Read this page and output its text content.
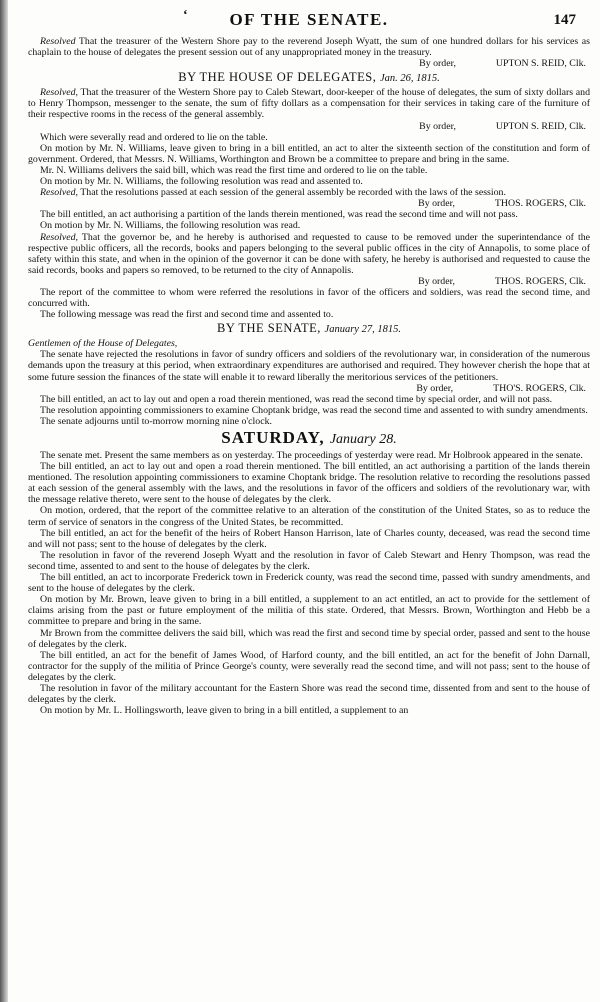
‘	OF THE SENATE.	147

Resolved That the treasurer of the Western Shore pay to the reverend Joseph Wyatt, the sum of one hundred dollars for his services as chaplain to the house of delegates the present session out of any unappropriated money in the treasury.

By order,	UPTON S. REID, Clk.
BY THE HOUSE OF DELEGATES, Jan. 26, 1815.

Resolved, That the treasurer of the Western Shore pay to Caleb Stewart, door-keeper of the house of delegates, the sum of sixty dollars and to Henry Thompson, messenger to the senate, the sum of fifty dollars as a compensation for their services in taking care of the furniture of their respective rooms in the recess of the general assembly.

By order,	UPTON S. REID, Clk.

Which were severally read and ordered to lie on the table.

On motion by Mr. N. Williams, leave given to bring in a bill entitled, an act to alter the sixteenth section of the constitution and form of government. Ordered, that Messrs. N. Williams, Worthington and Brown be a committee to prepare and bring in the same.

Mr. N. Williams delivers the said bill, which was read the first time and ordered to lie on the table.

On motion by Mr. N. Williams, the following resolution was read and assented to.

Resolved, That the resolutions passed at each session of the general assembly be recorded with the laws of the session.

By order,	THOS. ROGERS, Clk.

The bill entitled, an act authorising a partition of the lands therein mentioned, was read the second time and will not pass.

On motion by Mr. N. Williams, the following resolution was read.

Resolved, That the governor be, and he hereby is authorised and requested to cause to be removed under the superintendance of the respective public officers, all the records, books and papers belonging to the several public offices in the city of Annapolis, to some place of safety within this state, and when in the opinion of the governor it can be done with safety, he hereby is authorised and requested to cause the said records, books and papers so removed, to be returned to the city of Annapolis.

By order,	THOS. ROGERS, Clk.

The report of the committee to whom were referred the resolutions in favor of the officers and soldiers, was read the second time, and concurred with.

The following message was read the first and second time and assented to.

BY THE SENATE, January 27, 1815.

Gentlemen of the House of Delegates,

The senate have rejected the resolutions in favor of sundry officers and soldiers of the revolutionary war, in consideration of the numerous demands upon the treasury at this period, when extraordinary expenditures are authorised and required. They however cherish the hope that at some future session the finances of the state will enable it to reward liberally the meritorious services of the petitioners.

By order,	THO'S. ROGERS, Clk.

The bill entitled, an act to lay out and open a road therein mentioned, was read the second time by special order, and will not pass.

The resolution appointing commissioners to examine Choptank bridge, was read the second time and assented to with sundry amendments.

The senate adjourns until to-morrow morning nine o'clock.

SATURDAY, January 28.

The senate met. Present the same members as on yesterday. The proceedings of yesterday were read. Mr Holbrook appeared in the senate.

The bill entitled, an act to lay out and open a road therein mentioned. The bill entitled, an act authorising a partition of the lands therein mentioned. The resolution appointing commissioners to examine Choptank bridge. The resolution relative to recording the resolutions passed at each session of the general assembly with the laws, and the resolutions in favor of the officers and soldiers of the revolutionary war, with the message relative thereto, were sent to the house of delegates by the clerk.

On motion, ordered, that the report of the committee relative to an alteration of the constitution of the United States, so as to reduce the term of service of senators in the congress of the United States, be recommitted.

The bill entitled, an act for the benefit of the heirs of Robert Hanson Harrison, late of Charles county, deceased, was read the second time and will not pass; sent to the house of delegates by the clerk.

The resolution in favor of the reverend Joseph Wyatt and the resolution in favor of Caleb Stewart and Henry Thompson, was read the second time, assented to and sent to the house of delegates by the clerk.

The bill entitled, an act to incorporate Frederick town in Frederick county, was read the second time, passed with sundry amendments, and sent to the house of delegates by the clerk.

On motion by Mr. Brown, leave given to bring in a bill entitled, a supplement to an act entitled, an act to provide for the settlement of claims arising from the past or future employment of the militia of this state. Ordered, that Messrs. Brown, Worthington and Hebb be a committee to prepare and bring in the same.

Mr Brown from the committee delivers the said bill, which was read the first and second time by special order, passed and sent to the house of delegates by the clerk.

The bill entitled, an act for the benefit of James Wood, of Harford county, and the bill entitled, an act for the benefit of John Darnall, contractor for the supply of the militia of Prince George's county, were severally read the second time, and will not pass; sent to the house of delegates by the clerk.

The resolution in favor of the military accountant for the Eastern Shore was read the second time, dissented from and sent to the house of delegates by the clerk.

On motion by Mr. L. Hollingsworth, leave given to bring in a bill entitled, a supplement to an
